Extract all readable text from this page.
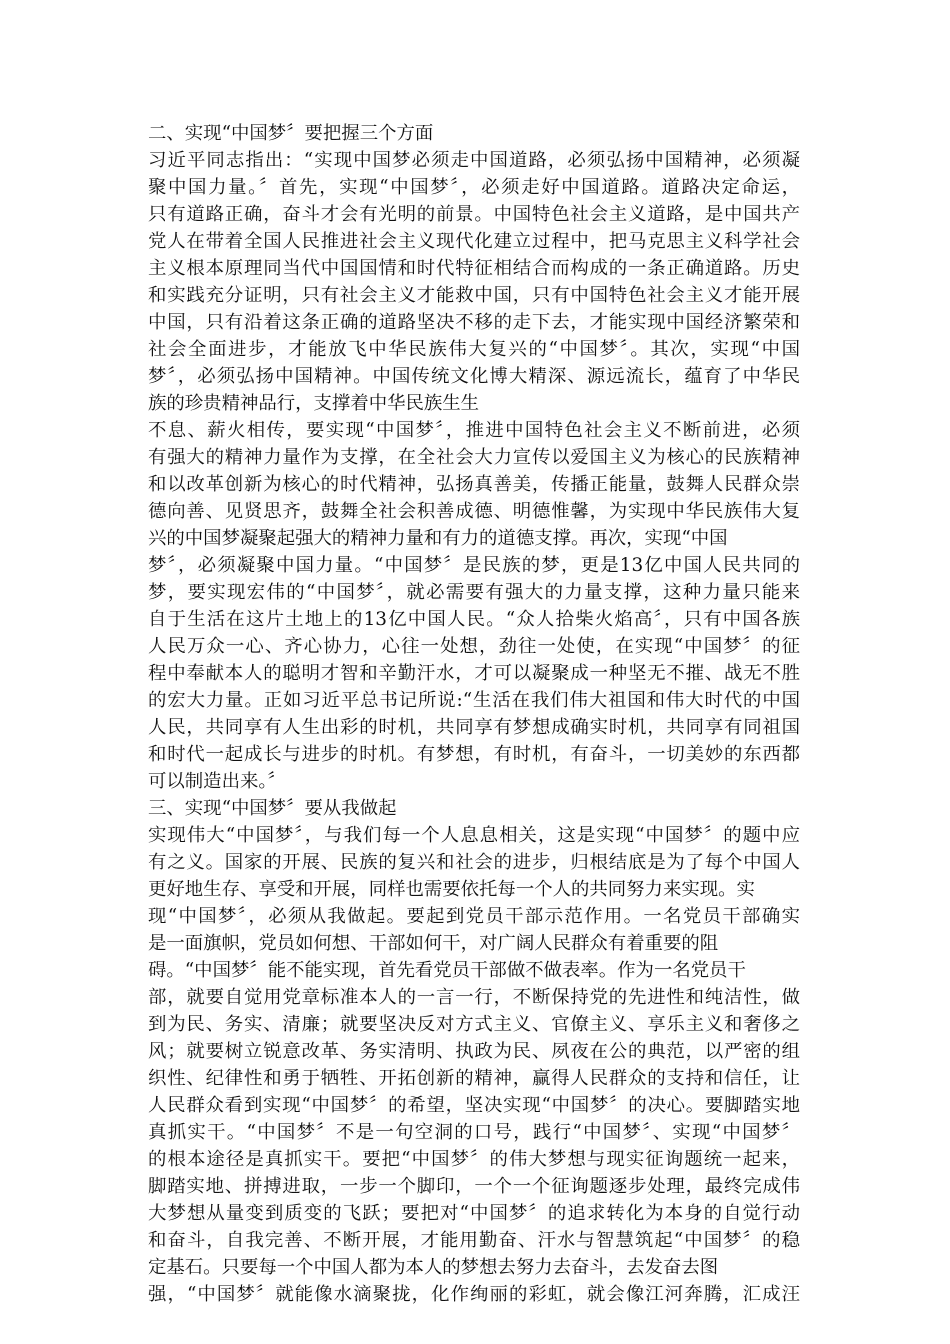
二、实现“中国梦〞要把握三个方面
习近平同志指出：“实现中国梦必须走中国道路，必须弘扬中国精神，必须凝
聚中国力量。〞首先，实现“中国梦〞，必须走好中国道路。道路决定命运，
只有道路正确，奋斗才会有光明的前景。中国特色社会主义道路，是中国共产
党人在带着全国人民推进社会主义现代化建立过程中，把马克思主义科学社会
主义根本原理同当代中国国情和时代特征相结合而构成的一条正确道路。历史
和实践充分证明，只有社会主义才能救中国，只有中国特色社会主义才能开展
中国，只有沿着这条正确的道路坚决不移的走下去，才能实现中国经济繁荣和
社会全面进步，才能放飞中华民族伟大复兴的“中国梦〞。其次，实现“中国
梦〞，必须弘扬中国精神。中国传统文化博大精深、源远流长，蕴育了中华民
族的珍贵精神品行，支撑着中华民族生生
不息、薪火相传，要实现“中国梦〞，推进中国特色社会主义不断前进，必须
有强大的精神力量作为支撑，在全社会大力宣传以爱国主义为核心的民族精神
和以改革创新为核心的时代精神，弘扬真善美，传播正能量，鼓舞人民群众崇
德向善、见贤思齐，鼓舞全社会积善成德、明德惟馨，为实现中华民族伟大复
兴的中国梦凝聚起强大的精神力量和有力的道德支撑。再次，实现“中国
梦〞，必须凝聚中国力量。“中国梦〞是民族的梦，更是13亿中国人民共同的
梦，要实现宏伟的“中国梦〞，就必需要有强大的力量支撑，这种力量只能来
自于生活在这片土地上的13亿中国人民。“众人拾柴火焰高〞，只有中国各族
人民万众一心、齐心协力，心往一处想，劲往一处使，在实现“中国梦〞的征
程中奉献本人的聪明才智和辛勤汗水，才可以凝聚成一种坚无不摧、战无不胜
的宏大力量。正如习近平总书记所说:“生活在我们伟大祖国和伟大时代的中国
人民，共同享有人生出彩的时机，共同享有梦想成确实时机，共同享有同祖国
和时代一起成长与进步的时机。有梦想，有时机，有奋斗，一切美妙的东西都
可以制造出来。〞
三、实现“中国梦〞要从我做起
实现伟大“中国梦〞，与我们每一个人息息相关，这是实现“中国梦〞的题中应
有之义。国家的开展、民族的复兴和社会的进步，归根结底是为了每个中国人
更好地生存、享受和开展，同样也需要依托每一个人的共同努力来实现。实
现“中国梦〞，必须从我做起。要起到党员干部示范作用。一名党员干部确实
是一面旗帜，党员如何想、干部如何干，对广阔人民群众有着重要的阻
碍。“中国梦〞能不能实现，首先看党员干部做不做表率。作为一名党员干
部，就要自觉用党章标准本人的一言一行，不断保持党的先进性和纯洁性，做
到为民、务实、清廉；就要坚决反对方式主义、官僚主义、享乐主义和奢侈之
风；就要树立锐意改革、务实清明、执政为民、夙夜在公的典范，以严密的组
织性、纪律性和勇于牺牲、开拓创新的精神，赢得人民群众的支持和信任，让
人民群众看到实现“中国梦〞的希望，坚决实现“中国梦〞的决心。要脚踏实地
真抓实干。“中国梦〞不是一句空洞的口号，践行“中国梦〞、实现“中国梦〞
的根本途径是真抓实干。要把“中国梦〞的伟大梦想与现实征询题统一起来，
脚踏实地、拼搏进取，一步一个脚印，一个一个征询题逐步处理，最终完成伟
大梦想从量变到质变的飞跃；要把对“中国梦〞的追求转化为本身的自觉行动
和奋斗，自我完善、不断开展，才能用勤奋、汗水与智慧筑起“中国梦〞的稳
定基石。只要每一个中国人都为本人的梦想去努力去奋斗，去发奋去图
强，“中国梦〞就能像水滴聚拢，化作绚丽的彩虹，就会像江河奔腾，汇成汪
